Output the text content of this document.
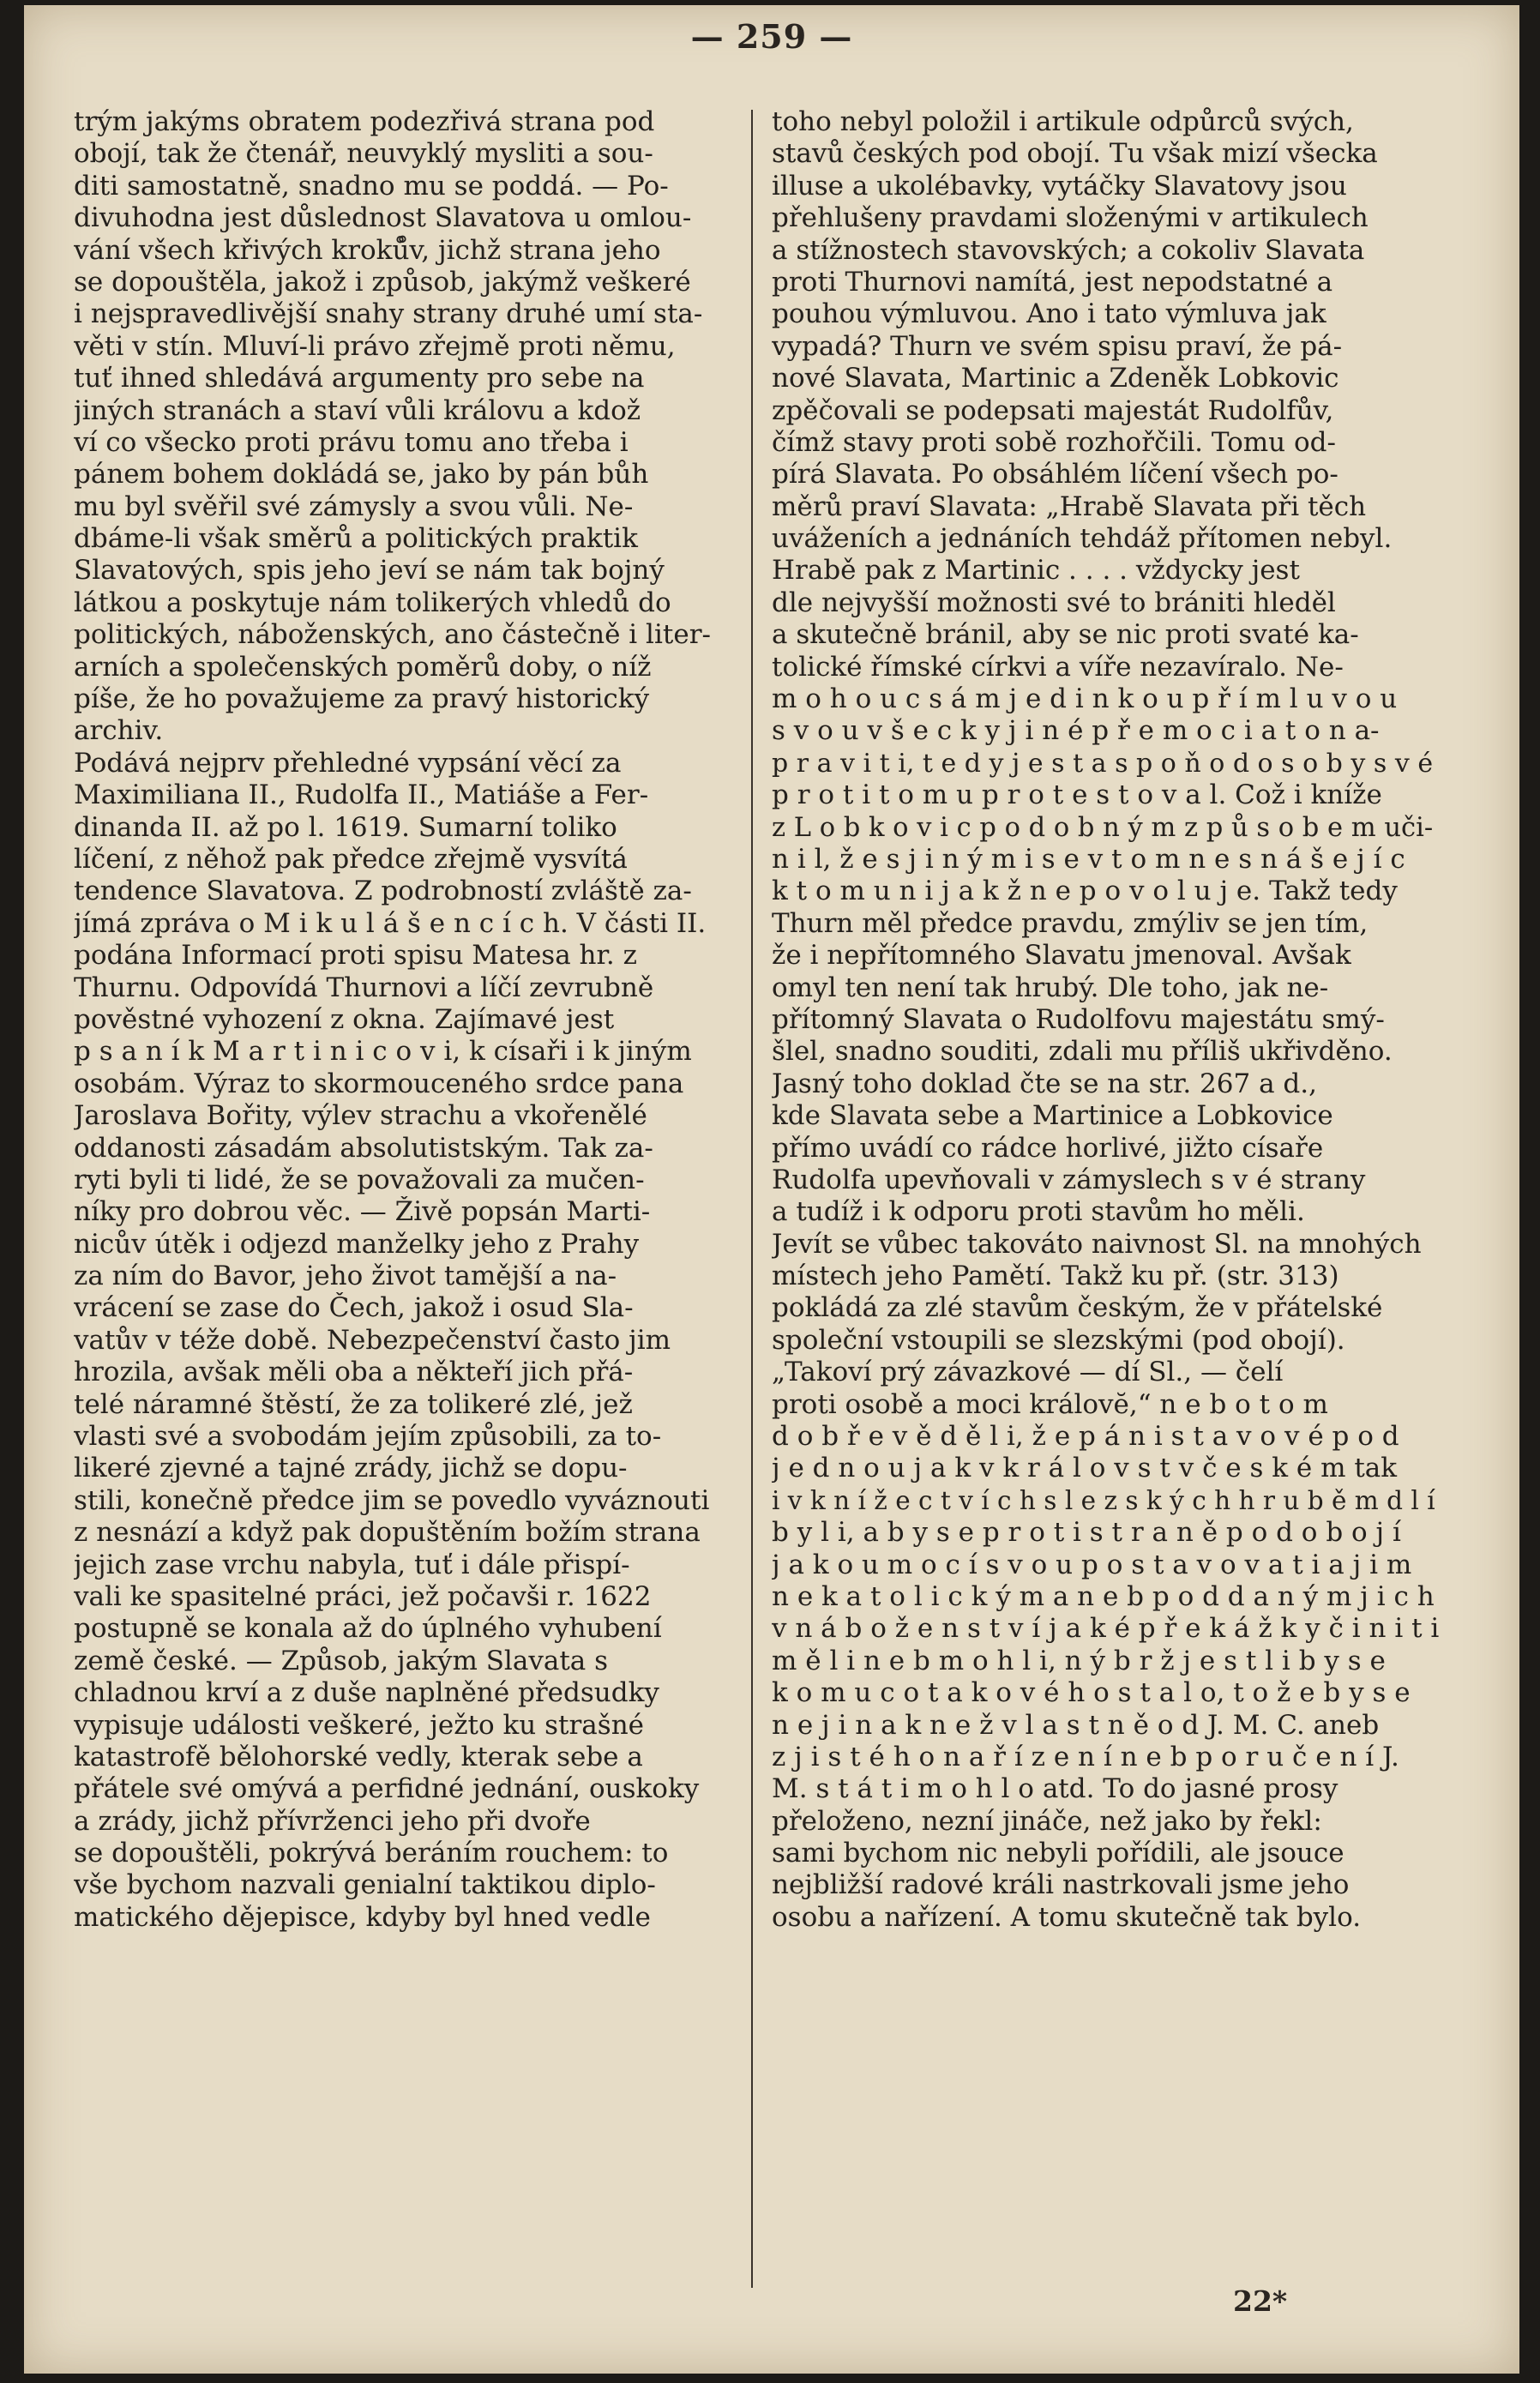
— 259 —
trým jakýms obratem podezřivá strana pod
obojí, tak že čtenář, neuvyklý mysliti a sou-
diti samostatně, snadno mu se poddá. — Po-
divuhodna jest důslednost Slavatova u omlou-
vání všech křivých kroků̊v, jichž strana jeho
se dopouštěla, jakož i způsob, jakýmž veškeré
i nejspravedlivější snahy strany druhé umí sta-
věti v stín. Mluví-li právo zřejmě proti němu,
tuť ihned shledává argumenty pro sebe na
jiných stranách a staví vůli královu a kdož
ví co všecko proti právu tomu ano třeba i
pánem bohem dokládá se, jako by pán bůh
mu byl svěřil své zámysly a svou vůli. Ne-
dbáme-li však směrů a politických praktik
Slavatových, spis jeho jeví se nám tak bojný
látkou a poskytuje nám tolikerých vhledů do
politických, náboženských, ano částečně i liter-
arních a společenských poměrů doby, o níž
píše, že ho považujeme za pravý historický
archiv.
Podává nejprv přehledné vypsání věcí za
Maximiliana II., Rudolfa II., Matiáše a Fer-
dinanda II. až po l. 1619. Sumarní toliko
líčení, z něhož pak předce zřejmě vysvítá
tendence Slavatova. Z podrobností zvláště za-
jímá zpráva o M i k u l á š e n c í c h. V části II.
podána Informací proti spisu Matesa hr. z
Thurnu. Odpovídá Thurnovi a líčí zevrubně
pověstné vyhození z okna. Zajímavé jest
p s a n í k M a r t i n i c o v i, k císaři i k jiným
osobám. Výraz to skormouceného srdce pana
Jaroslava Bořity, výlev strachu a vkořenělé
oddanosti zásadám absolutistským. Tak za-
ryti byli ti lidé, že se považovali za mučen-
níky pro dobrou věc. — Živě popsán Marti-
nicův útěk i odjezd manželky jeho z Prahy
za ním do Bavor, jeho život tamější a na-
vrácení se zase do Čech, jakož i osud Sla-
vatův v téže době. Nebezpečenství často jim
hrozila, avšak měli oba a někteří jich přá-
telé náramné štěstí, že za tolikeré zlé, jež
vlasti své a svobodám jejím způsobili, za to-
likeré zjevné a tajné zrády, jichž se dopu-
stili, konečně předce jim se povedlo vyváznouti
z nesnází a když pak dopuštěním božím strana
jejich zase vrchu nabyla, tuť i dále přispí-
vali ke spasitelné práci, jež počavši r. 1622
postupně se konala až do úplného vyhubení
země české. — Způsob, jakým Slavata s
chladnou krví a z duše naplněné předsudky
vypisuje události veškeré, ježto ku strašné
katastrofě bělohorské vedly, kterak sebe a
přátele své omývá a perfidné jednání, ouskoky
a zrády, jichž přívrženci jeho při dvoře
se dopouštěli, pokrývá beráním rouchem: to
vše bychom nazvali genialní taktikou diplo-
matického dějepisce, kdyby byl hned vedle
toho nebyl položil i artikule odpůrců svých,
stavů českých pod obojí. Tu však mizí všecka
illuse a ukolébavky, vytáčky Slavatovy jsou
přehlušeny pravdami složenými v artikulech
a stížnostech stavovských; a cokoliv Slavata
proti Thurnovi namítá, jest nepodstatné a
pouhou výmluvou. Ano i tato výmluva jak
vypadá? Thurn ve svém spisu praví, že pá-
nové Slavata, Martinic a Zdeněk Lobkovic
zpěčovali se podepsati majestát Rudolfův,
čímž stavy proti sobě rozhořčili. Tomu od-
pírá Slavata. Po obsáhlém líčení všech po-
měrů praví Slavata: „Hrabě Slavata při těch
uváženích a jednáních tehdáž přítomen nebyl.
Hrabě pak z Martinic . . . . vždycky jest
dle nejvyšší možnosti své to brániti hleděl
a skutečně bránil, aby se nic proti svaté ka-
tolické římské církvi a víře nezavíralo. Ne-
m o h o u c s á m j e d i n k o u p ř í m l u v o u
s v o u v š e c k y j i n é p ř e m o c i a t o n a-
p r a v i t i, t e d y j e s t a s p o ň o d o s o b y s v é
p r o t i t o m u p r o t e s t o v a l. Což i kníže
z L o b k o v i c p o d o b n ý m z p ů s o b e m uči-
n i l, ž e s j i n ý m i s e v t o m n e s n á š e j í c
k t o m u n i j a k ž n e p o v o l u j e. Takž tedy
Thurn měl předce pravdu, zmýliv se jen tím,
že i nepřítomného Slavatu jmenoval. Avšak
omyl ten není tak hrubý. Dle toho, jak ne-
přítomný Slavata o Rudolfovu majestátu smý-
šlel, snadno souditi, zdali mu příliš ukřivděno.
Jasný toho doklad čte se na str. 267 a d.,
kde Slavata sebe a Martinice a Lobkovice
přímo uvádí co rádce horlivé, jižto císaře
Rudolfa upevňovali v zámyslech s v é strany
a tudíž i k odporu proti stavům ho měli.
Jevít se vůbec takováto naivnost Sl. na mnohých
místech jeho Pamětí. Takž ku př. (str. 313)
pokládá za zlé stavům českým, že v přátelské
společní vstoupili se slezskými (pod obojí).
„Takoví prý závazkové — dí Sl., — čelí
proti osobě a moci královĕ,“ n e b o t o m
d o b ř e v ě d ě l i, ž e p á n i s t a v o v é p o d
j e d n o u j a k v k r á l o v s t v č e s k é m tak
i v k n í ž e c t v í c h s l e z s k ý c h h r u b ě m d l í
b y l i, a b y s e p r o t i s t r a n ě p o d o b o j í
j a k o u m o c í s v o u p o s t a v o v a t i a j i m
n e k a t o l i c k ý m a n e b p o d d a n ý m j i c h
v n á b o ž e n s t v í j a k é p ř e k á ž k y č i n i t i
m ě l i n e b m o h l i, n ý b r ž j e s t l i b y s e
k o m u c o t a k o v é h o s t a l o, t o ž e b y s e
n e j i n a k n e ž v l a s t n ě o d J. M. C. aneb
z j i s t é h o n a ř í z e n í n e b p o r u č e n í J.
M. s t á t i m o h l o atd. To do jasné prosy
přeloženo, nezní jináče, než jako by řekl:
sami bychom nic nebyli pořídili, ale jsouce
nejbližší radové králi nastrkovali jsme jeho
osobu a nařízení. A tomu skutečně tak bylo.
22*
